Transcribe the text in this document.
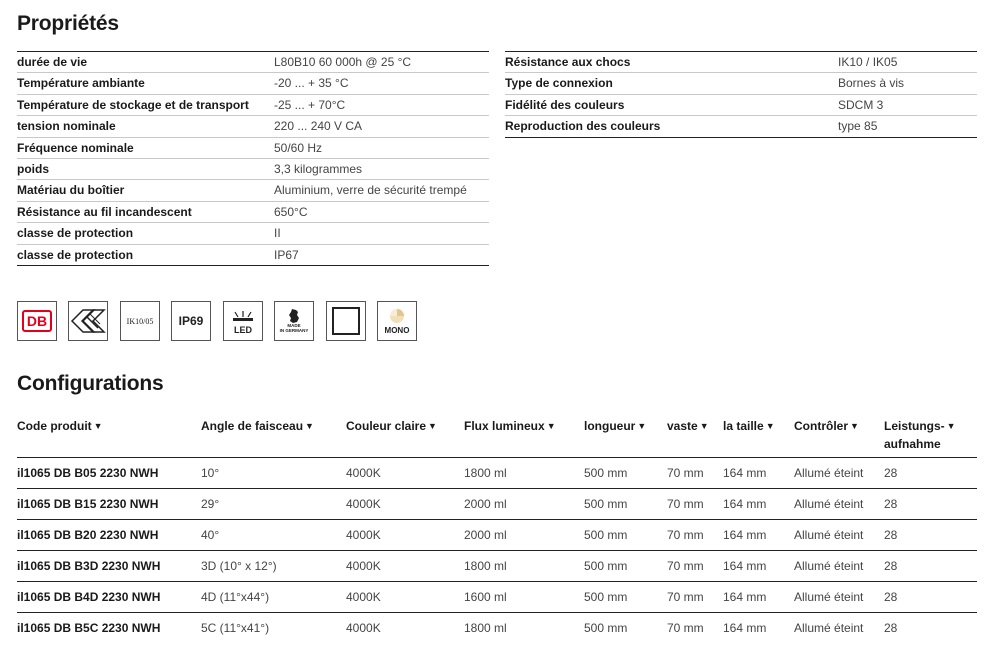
Propriétés
durée de vie	L80B10 60 000h @ 25 °C
Température ambiante	-20 ... + 35 °C
Température de stockage et de transport -25 ... + 70°C
tension nominale	220 ... 240 V CA
Fréquence nominale	50/60 Hz
poids	3,3 kilogrammes
Matériau du boîtier	Aluminium, verre de sécurité trempé
Résistance au fil incandescent	650°C
classe de protection	II
classe de protection	IP67
Résistance aux chocs	IK10 / IK05
Type de connexion	Bornes à vis
Fidélité des couleurs	SDCM 3
Reproduction des couleurs	type 85
DB	IK10/05 IP69
LED	MADE
IN GERMANY	MONO
Configurations
Code produit ▼	Angle de faisceau ▼	Couleur claire ▼ Flux lumineux ▼ longueur ▼ vaste ▼ la taille ▼ Contrôler ▼ Leistungs- ▼
aufnahme
il1065 DB B05 2230 NWH	10°	4000K	1800 ml	500 mm	70 mm 164 mm Allumé éteint 28
il1065 DB B15 2230 NWH	29°	4000K	2000 ml	500 mm	70 mm 164 mm Allumé éteint 28
il1065 DB B20 2230 NWH	40°	4000K	2000 ml	500 mm	70 mm 164 mm Allumé éteint 28
il1065 DB B3D 2230 NWH	3D (10° x 12°)	4000K	1800 ml	500 mm	70 mm 164 mm Allumé éteint 28
il1065 DB B4D 2230 NWH	4D (11°x44°)	4000K	1600 ml	500 mm	70 mm 164 mm Allumé éteint 28
il1065 DB B5C 2230 NWH	5C (11°x41°)	4000K	1800 ml	500 mm	70 mm 164 mm Allumé éteint 28
